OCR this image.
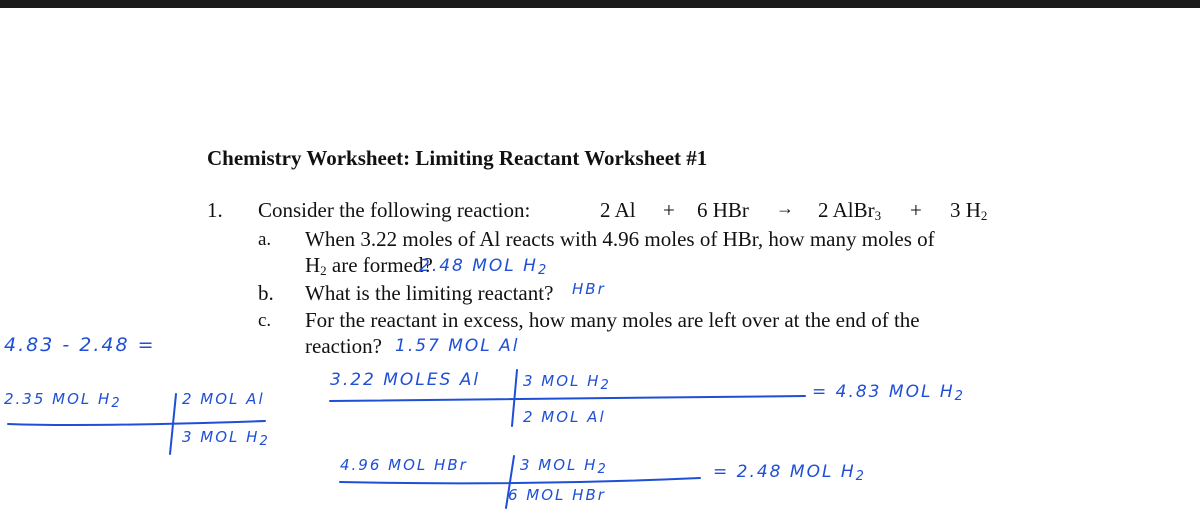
Chemistry Worksheet: Limiting Reactant Worksheet #1
1. Consider the following reaction:	2 Al + 6 HBr → 2 AlBr$_3$ + 3 $H_2$
a. When 3.22 moles of Al reacts with 4.96 moles of HBr, how many moles of
$H_2$ are formed?
b. What is the limiting reactant?
c. For the reactant in excess, how many moles are left over at the end of the
reaction?
2.48 MOL $H_2$
HBr
1.57 MOL Al
4.83 - 2.48 =
2.35 MOL $H_2$	2 MOL Al
3 MOL $H_2$
3.22 MOLES Al	3 MOL $H_2$
2 MOL Al
= 4.83 MOL $H_2$
4.96 MOL HBr	3 MOL $H_2$
6 MOL HBr
= 2.48 MOL $H_2$
